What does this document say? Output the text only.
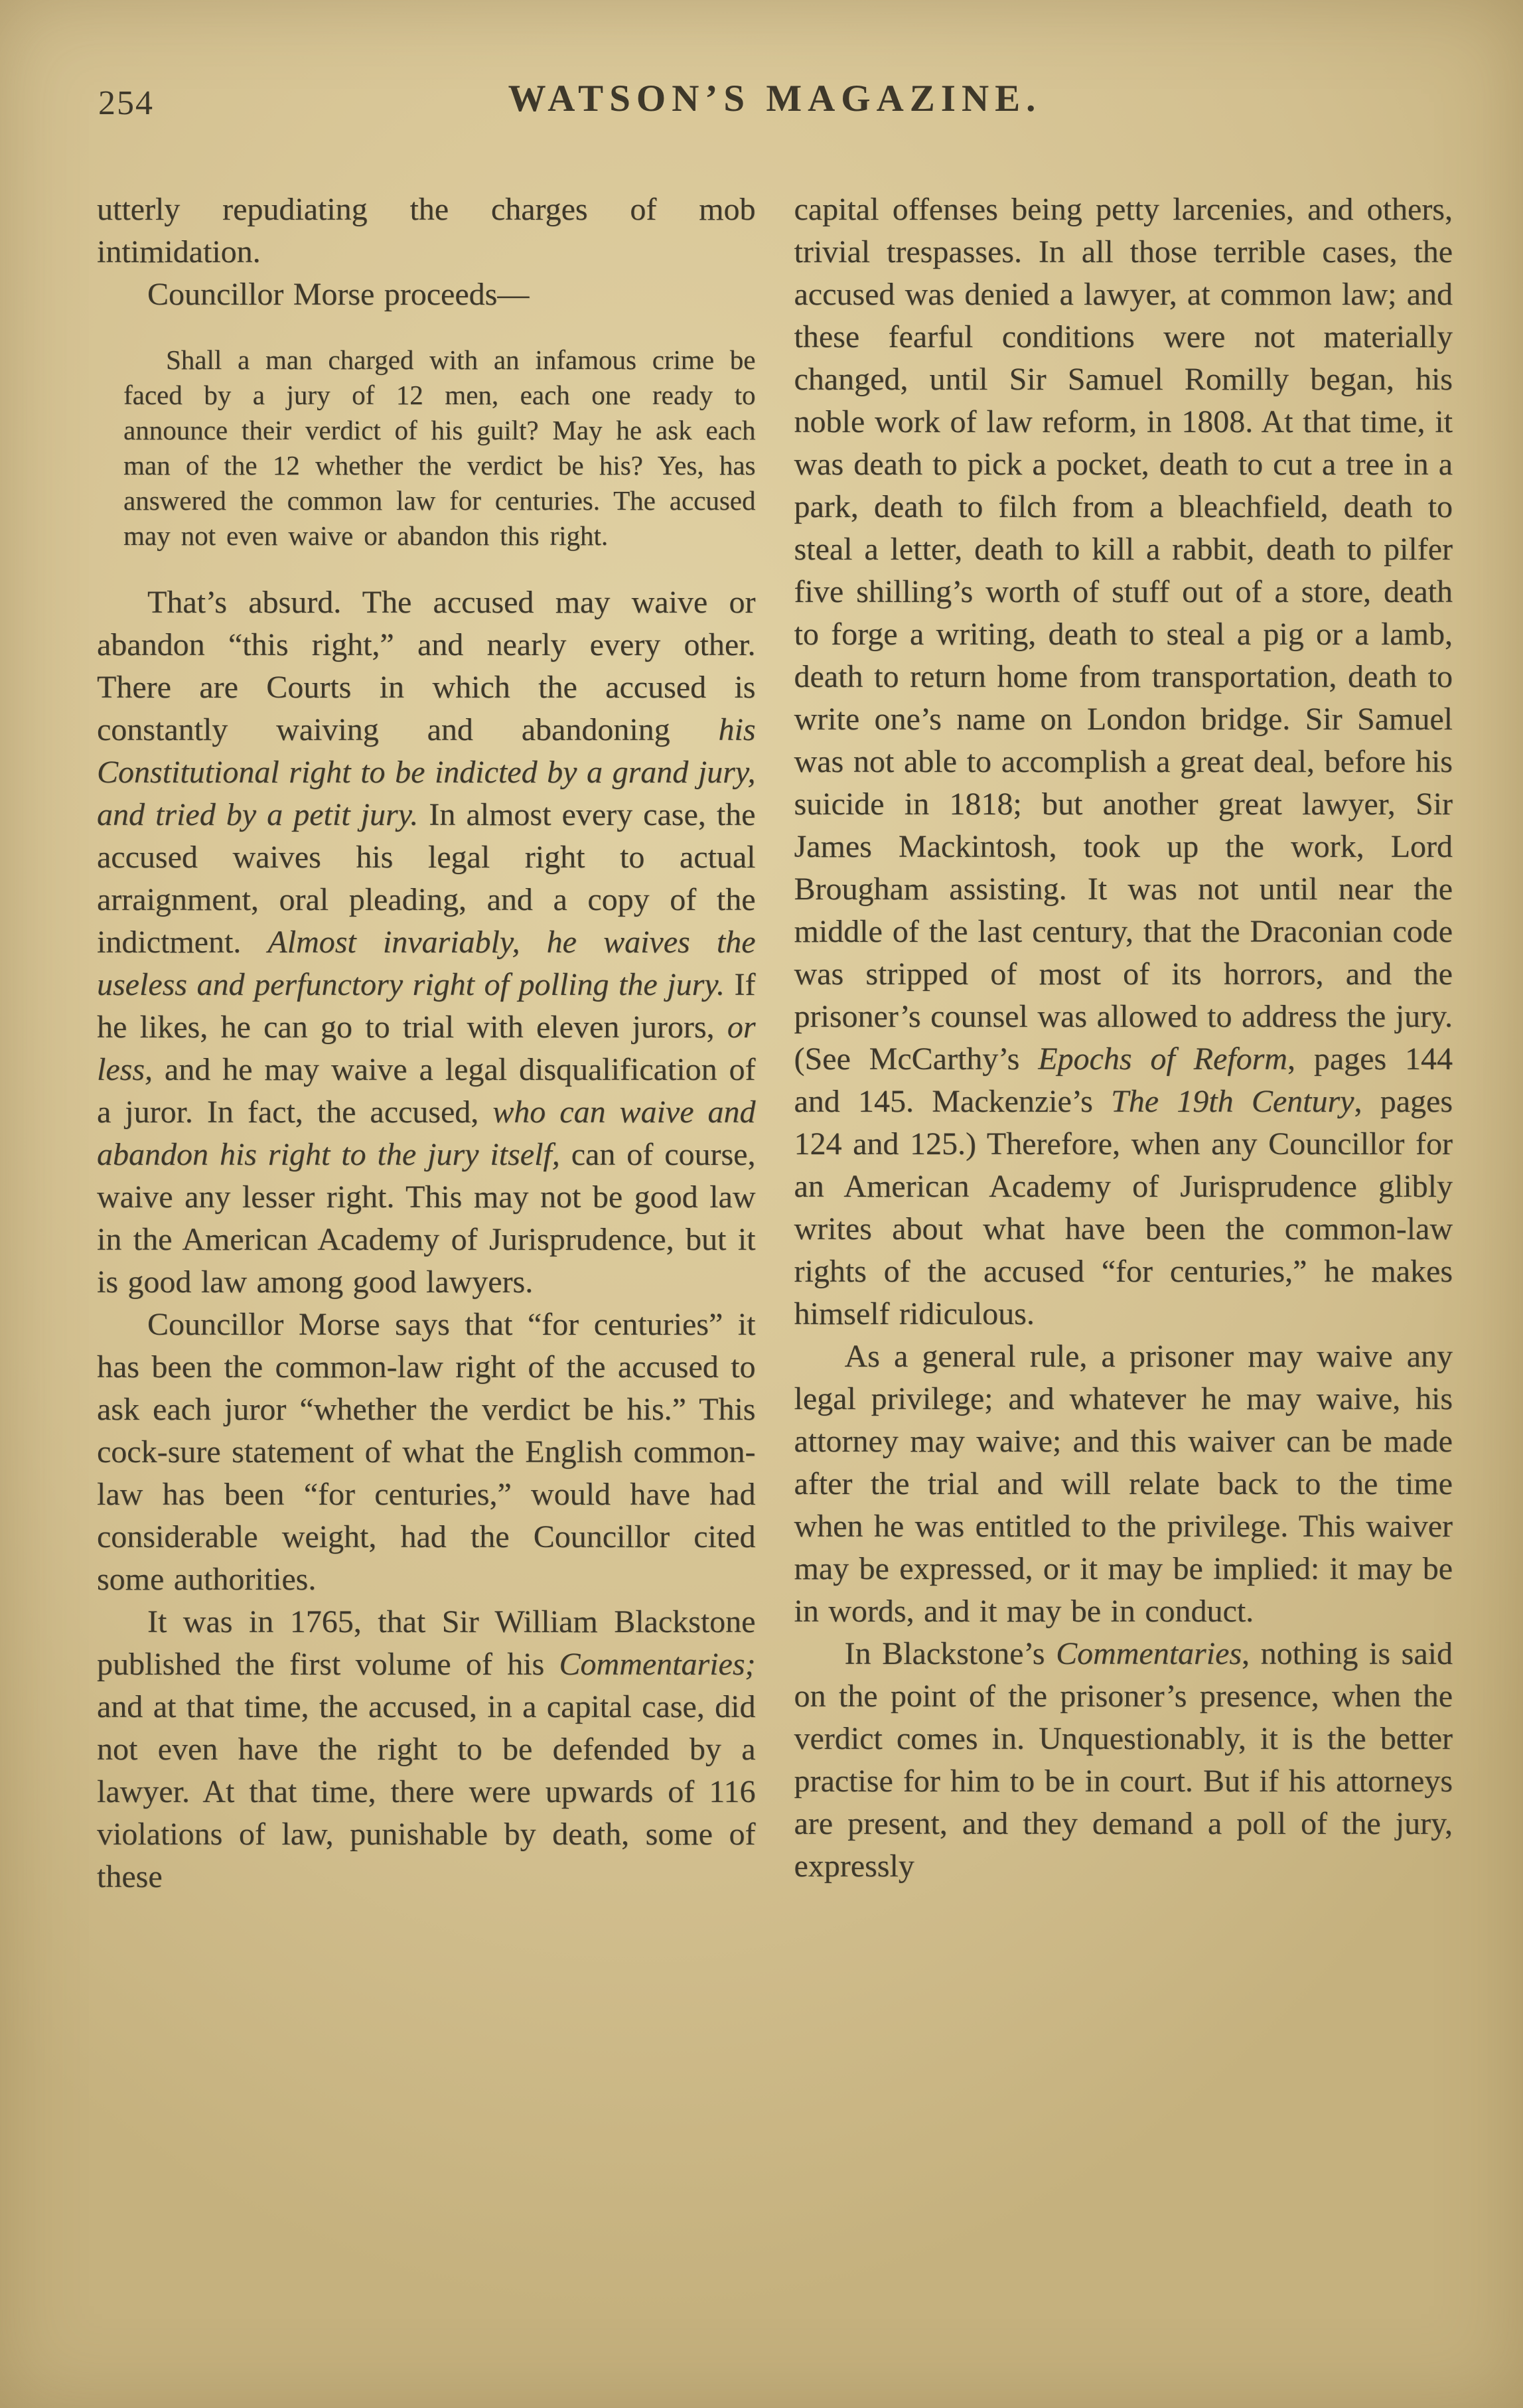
254	WATSON’S MAGAZINE.

utterly repudiating the charges of mob intimidation.

Councillor Morse proceeds—

Shall a man charged with an infamous crime be faced by a jury of 12 men, each one ready to announce their verdict of his guilt? May he ask each man of the 12 whether the verdict be his? Yes, has answered the common law for centuries. The accused may not even waive or abandon this right.

That’s absurd. The accused may waive or abandon “this right,” and nearly every other. There are Courts in which the accused is constantly waiving and abandoning his Constitutional right to be indicted by a grand jury, and tried by a petit jury. In almost every case, the accused waives his legal right to actual arraignment, oral pleading, and a copy of the indictment. Almost invariably, he waives the useless and perfunctory right of polling the jury. If he likes, he can go to trial with eleven jurors, or less, and he may waive a legal disqualification of a juror. In fact, the accused, who can waive and abandon his right to the jury itself, can of course, waive any lesser right. This may not be good law in the American Academy of Jurisprudence, but it is good law among good lawyers.

Councillor Morse says that “for centuries” it has been the common-law right of the accused to ask each juror “whether the verdict be his.” This cock-sure statement of what the English common-law has been “for centuries,” would have had considerable weight, had the Councillor cited some authorities.

It was in 1765, that Sir William Blackstone published the first volume of his Commentaries; and at that time, the accused, in a capital case, did not even have the right to be defended by a lawyer. At that time, there were upwards of 116 violations of law, punishable by death, some of these

capital offenses being petty larcenies, and others, trivial trespasses. In all those terrible cases, the accused was denied a lawyer, at common law; and these fearful conditions were not materially changed, until Sir Samuel Romilly began, his noble work of law reform, in 1808. At that time, it was death to pick a pocket, death to cut a tree in a park, death to filch from a bleachfield, death to steal a letter, death to kill a rabbit, death to pilfer five shilling’s worth of stuff out of a store, death to forge a writing, death to steal a pig or a lamb, death to return home from transportation, death to write one’s name on London bridge. Sir Samuel was not able to accomplish a great deal, before his suicide in 1818; but another great lawyer, Sir James Mackintosh, took up the work, Lord Brougham assisting. It was not until near the middle of the last century, that the Draconian code was stripped of most of its horrors, and the prisoner’s counsel was allowed to address the jury. (See McCarthy’s Epochs of Reform, pages 144 and 145. Mackenzie’s The 19th Century, pages 124 and 125.) Therefore, when any Councillor for an American Academy of Jurisprudence glibly writes about what have been the common-law rights of the accused “for centuries,” he makes himself ridiculous.

As a general rule, a prisoner may waive any legal privilege; and whatever he may waive, his attorney may waive; and this waiver can be made after the trial and will relate back to the time when he was entitled to the privilege. This waiver may be expressed, or it may be implied: it may be in words, and it may be in conduct.

In Blackstone’s Commentaries, nothing is said on the point of the prisoner’s presence, when the verdict comes in. Unquestionably, it is the better practise for him to be in court. But if his attorneys are present, and they demand a poll of the jury, expressly
